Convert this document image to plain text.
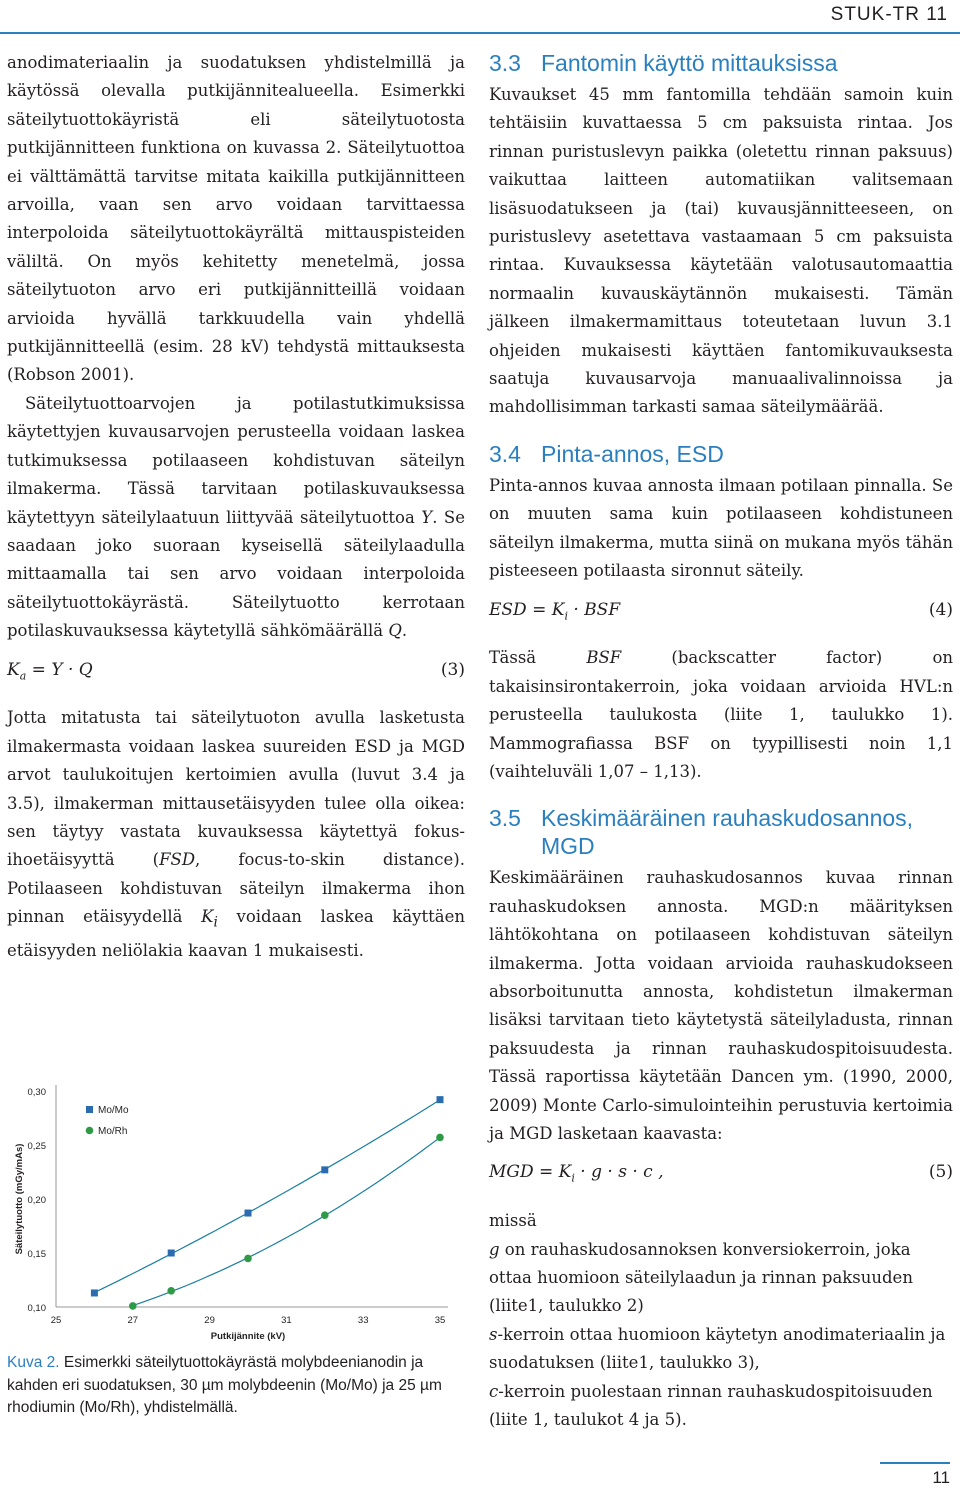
STUK-TR 11

anodimateriaalin ja suodatuksen yhdistelmillä ja käytössä olevalla putkijännitealueella. Esimerkki säteilytuottokäyristä eli säteilytuotosta putkijännitteen funktiona on kuvassa 2. Säteilytuottoa ei välttämättä tarvitse mitata kaikilla putkijännitteen arvoilla, vaan sen arvo voidaan tarvittaessa interpoloida säteilytuottokäyrältä mittauspisteiden väliltä. On myös kehitetty menetelmä, jossa säteilytuoton arvo eri putkijännitteillä voidaan arvioida hyvällä tarkkuudella vain yhdellä putkijännitteellä (esim. 28 kV) tehdystä mittauksesta (Robson 2001).

Säteilytuottoarvojen ja potilastutkimuksissa käytettyjen kuvausarvojen perusteella voidaan laskea tutkimuksessa potilaaseen kohdistuvan säteilyn ilmakerma. Tässä tarvitaan potilaskuvauksessa käytettyyn säteilylaatuun liittyvää säteilytuottoa Y. Se saadaan joko suoraan kyseisellä säteilylaadulla mittaamalla tai sen arvo voidaan interpoloida säteilytuottokäyrästä. Säteilytuotto kerrotaan potilaskuvauksessa käytetyllä sähkömäärällä Q.

$K_a = Y \cdot Q$	(3)

Jotta mitatusta tai säteilytuoton avulla lasketusta ilmakermasta voidaan laskea suureiden ESD ja MGD arvot taulukoitujen kertoimien avulla (luvut 3.4 ja 3.5), ilmakerman mittausetäisyyden tulee olla oikea: sen täytyy vastata kuvauksessa käytettyä fokus-ihoetäisyyttä (FSD, focus-to-skin distance). Potilaaseen kohdistuvan säteilyn ilmakerma ihon pinnan etäisyydellä $K_i$ voidaan laskea käyttäen etäisyyden neliölakia kaavan 1 mukaisesti.

0,10
0,15
0,20
0,25
0,30
25	27	29	31	33	35
Putkijännite (kV)
Säteilytuotto (mGy/mAs)
Mo/Mo
Mo/Rh
Kuva 2. Esimerkki säteilytuottokäyrästä molybdeenianodin ja kahden eri suodatuksen, 30 µm molybdeenin (Mo/Mo) ja 25 µm rhodiumin (Mo/Rh), yhdistelmällä.
3.3 Fantomin käyttö mittauksissa

Kuvaukset 45 mm fantomilla tehdään samoin kuin tehtäisiin kuvattaessa 5 cm paksuista rintaa. Jos rinnan puristuslevyn paikka (oletettu rinnan paksuus) vaikuttaa laitteen automatiikan valitsemaan lisäsuodatukseen ja (tai) kuvausjännitteeseen, on puristuslevy asetettava vastaamaan 5 cm paksuista rintaa. Kuvauksessa käytetään valotusautomaattia normaalin kuvauskäytännön mukaisesti. Tämän jälkeen ilmakermamittaus toteutetaan luvun 3.1 ohjeiden mukaisesti käyttäen fantomikuvauksesta saatuja kuvausarvoja manuaalivalinnoissa ja mahdollisimman tarkasti samaa säteilymäärää.

3.4 Pinta-annos, ESD

Pinta-annos kuvaa annosta ilmaan potilaan pinnalla. Se on muuten sama kuin potilaaseen kohdistuneen säteilyn ilmakerma, mutta siinä on mukana myös tähän pisteeseen potilaasta sironnut säteily.

ESD = $K_i$ · BSF	(4)

Tässä BSF (backscatter factor) on takaisinsirontakerroin, joka voidaan arvioida HVL:n perusteella taulukosta (liite 1, taulukko 1). Mammografiassa BSF on tyypillisesti noin 1,1 (vaihteluväli 1,07 – 1,13).

3.5 Keskimääräinen rauhaskudosannos, MGD

Keskimääräinen rauhaskudosannos kuvaa rinnan rauhaskudoksen annosta. MGD:n määrityksen lähtökohtana on potilaaseen kohdistuvan säteilyn ilmakerma. Jotta voidaan arvioida rauhaskudokseen absorboitunutta annosta, kohdistetun ilmakerman lisäksi tarvitaan tieto käytetystä säteilyladusta, rinnan paksuudesta ja rinnan rauhaskudospitoisuudesta. Tässä raportissa käytetään Dancen ym. (1990, 2000, 2009) Monte Carlo-simulointeihin perustuvia kertoimia ja MGD lasketaan kaavasta:

MGD = $K_i \cdot g \cdot s \cdot c$ ,	(5)

missä

g on rauhaskudosannoksen konversiokerroin, joka ottaa huomioon säteilylaadun ja rinnan paksuuden (liite1, taulukko 2)

s-kerroin ottaa huomioon käytetyn anodimateriaalin ja suodatuksen (liite1, taulukko 3),

c-kerroin puolestaan rinnan rauhaskudospitoisuuden (liite 1, taulukot 4 ja 5).

11
